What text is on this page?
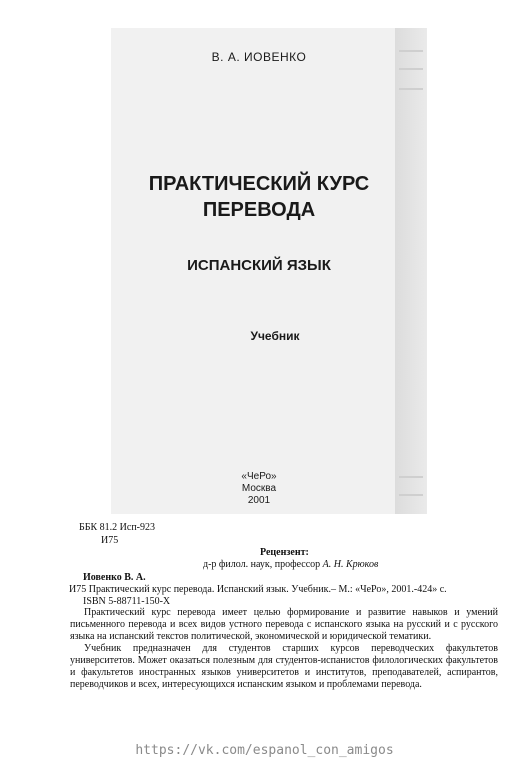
В. А. ИОВЕНКО
ПРАКТИЧЕСКИЙ КУРС
ПЕРЕВОДА
ИСПАНСКИЙ ЯЗЫК
Учебник
«ЧеРо»
Москва
2001
ББК 81.2 Исп-923
И75
Рецензент:
д-р филол. наук, профессор А. Н. Крюков
Иовенко В. А.
И75 Практический курс перевода. Испанский язык. Учебник.– М.: «ЧеРо», 2001.-424» с.
ISBN 5-88711-150-X
Практический курс перевода имеет целью формирование и развитие навыков и умений письменного перевода и всех видов устного перевода с испанского языка на русский и с русского языка на испанский текстов политической, экономической и юридической тематики.
Учебник предназначен для студентов старших курсов переводческих факультетов университетов. Может оказаться полезным для студентов-испанистов филологических факультетов и факультетов иностранных языков университетов и институтов, преподавателей, аспирантов, переводчиков и всех, интересующихся испанским языком и проблемами перевода.
https://vk.com/espanol_con_amigos
